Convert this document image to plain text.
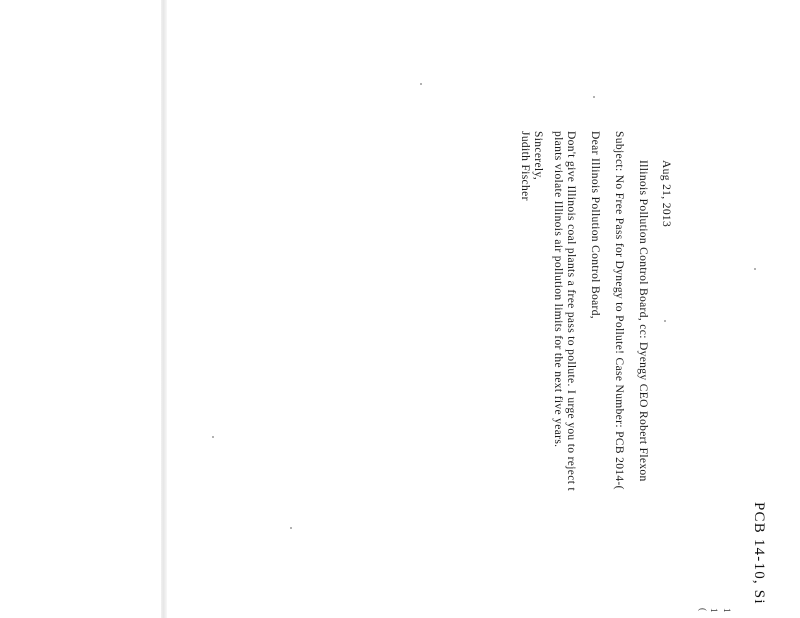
PCB 14-10, Si
1
1
(
Aug 21, 2013
Illinois Pollution Control Board, cc: Dyengy CEO Robert Flexon
Subject: No Free Pass for Dynegy to Pollute! Case Number: PCB 2014-(
Dear Illinois Pollution Control Board,
Don't give Illinois coal plants a free pass to pollute. I urge you to reject t
plants violate Illinois air pollution limits for the next five years.
Sincerely,
Judith Fischer
